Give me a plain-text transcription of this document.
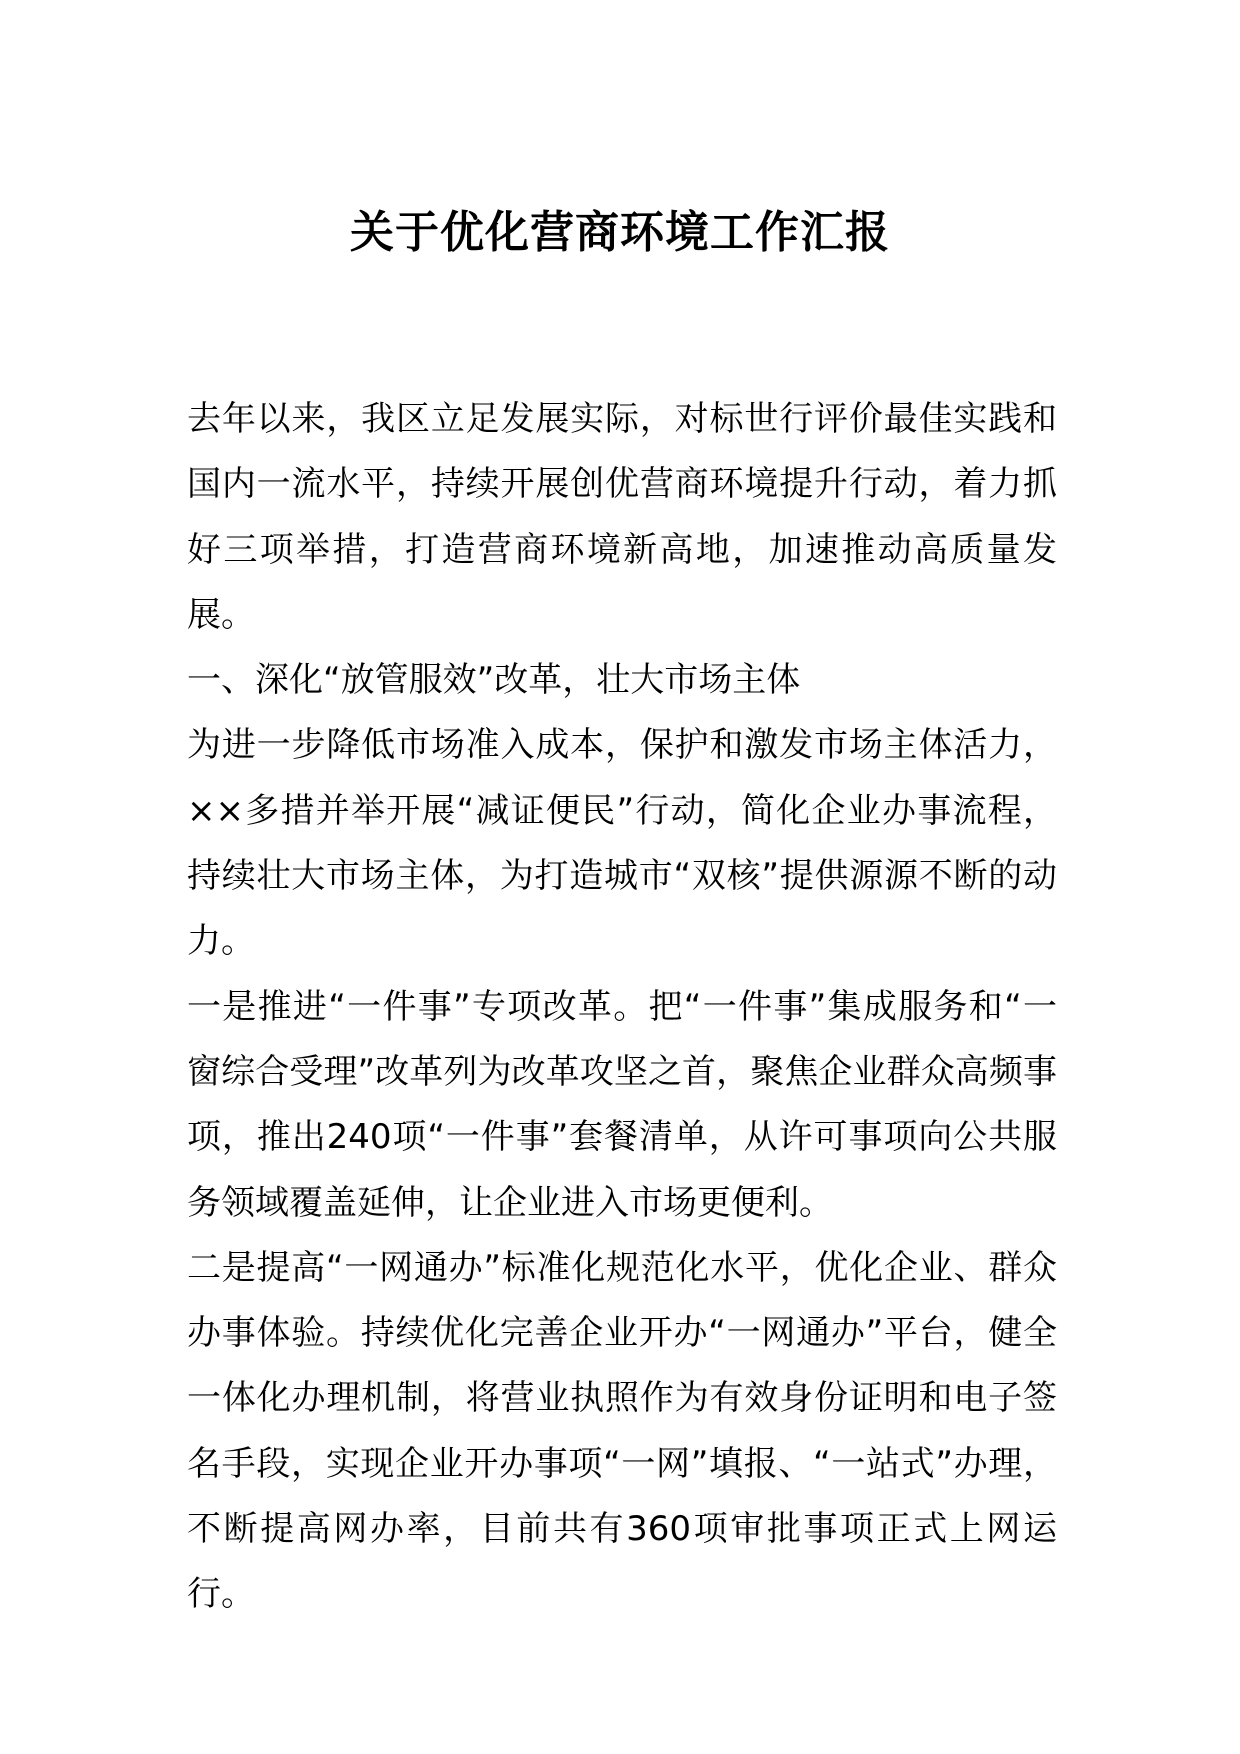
关于优化营商环境工作汇报

去年以来，我区立足发展实际，对标世行评价最佳实践和国内一流水平，持续开展创优营商环境提升行动，着力抓好三项举措，打造营商环境新高地，加速推动高质量发展。

一、深化“放管服效”改革，壮大市场主体

为进一步降低市场准入成本，保护和激发市场主体活力，××多措并举开展“减证便民”行动，简化企业办事流程，持续壮大市场主体，为打造城市“双核”提供源源不断的动力。

一是推进“一件事”专项改革。把“一件事”集成服务和“一窗综合受理”改革列为改革攻坚之首，聚焦企业群众高频事项，推出240项“一件事”套餐清单，从许可事项向公共服务领域覆盖延伸，让企业进入市场更便利。

二是提高“一网通办”标准化规范化水平，优化企业、群众办事体验。持续优化完善企业开办“一网通办”平台，健全一体化办理机制，将营业执照作为有效身份证明和电子签名手段，实现企业开办事项“一网”填报、“一站式”办理，不断提高网办率，目前共有360项审批事项正式上网运行。
